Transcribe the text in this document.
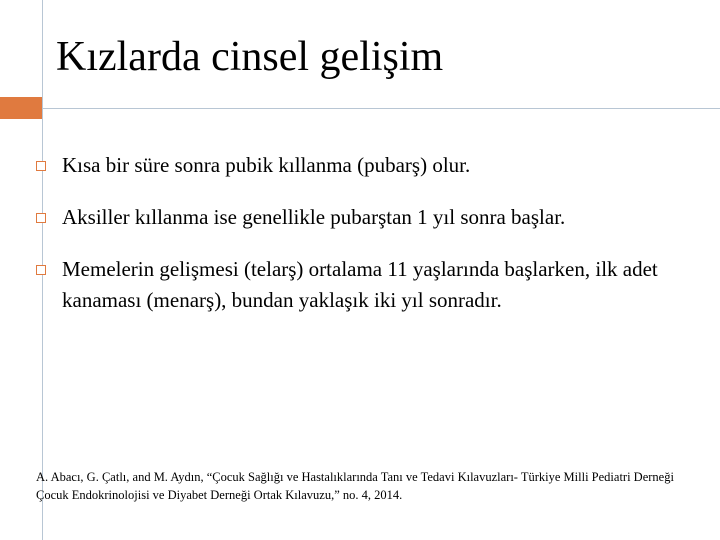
Kızlarda cinsel gelişim
Kısa bir süre sonra pubik kıllanma (pubarş) olur.
Aksiller kıllanma ise genellikle pubarştan 1 yıl sonra başlar.
Memelerin gelişmesi (telarş) ortalama 11 yaşlarında başlarken, ilk adet kanaması (menarş), bundan yaklaşık iki yıl sonradır.

A. Abacı, G. Çatlı, and M. Aydın, “Çocuk Sağlığı ve Hastalıklarında Tanı ve Tedavi Kılavuzları- Türkiye Milli Pediatri Derneği Çocuk Endokrinolojisi ve Diyabet Derneği Ortak Kılavuzu,” no. 4, 2014.
